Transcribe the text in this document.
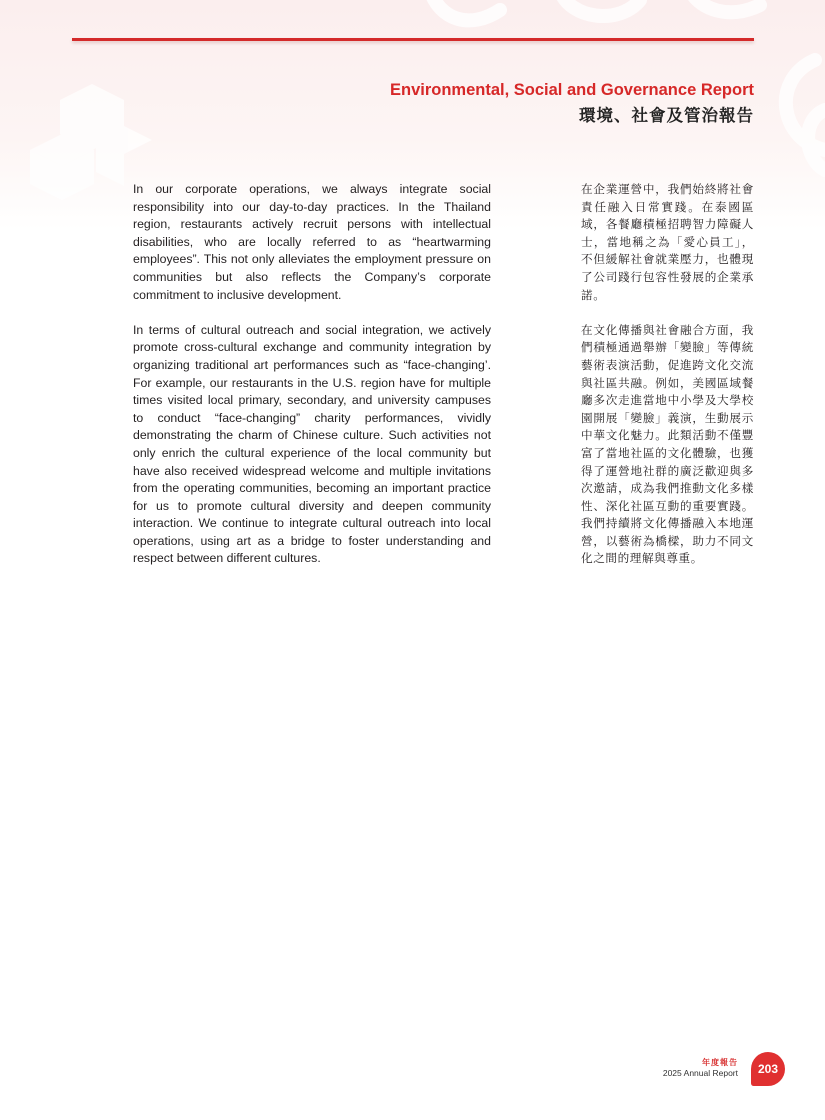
Environmental, Social and Governance Report
環境、社會及管治報告

In our corporate operations, we always integrate social responsibility into our day-to-day practices. In the Thailand region, restaurants actively recruit persons with intellectual disabilities, who are locally referred to as “heartwarming employees”. This not only alleviates the employment pressure on communities but also reflects the Company’s corporate commitment to inclusive development.

In terms of cultural outreach and social integration, we actively promote cross-cultural exchange and community integration by organizing traditional art performances such as “face-changing’. For example, our restaurants in the U.S. region have for multiple times visited local primary, secondary, and university campuses to conduct “face-changing” charity performances, vividly demonstrating the charm of Chinese culture. Such activities not only enrich the cultural experience of the local community but have also received widespread welcome and multiple invitations from the operating communities, becoming an important practice for us to promote cultural diversity and deepen community interaction. We continue to integrate cultural outreach into local operations, using art as a bridge to foster understanding and respect between different cultures.

在企業運營中，我們始終將社會責任融入日常實踐。在泰國區域，各餐廳積極招聘智力障礙人士，當地稱之為「愛心員工」，不但緩解社會就業壓力，也體現了公司踐行包容性發展的企業承諾。

在文化傳播與社會融合方面，我們積極通過舉辦「變臉」等傳統藝術表演活動，促進跨文化交流與社區共融。例如，美國區域餐廳多次走進當地中小學及大學校園開展「變臉」義演，生動展示中華文化魅力。此類活動不僅豐富了當地社區的文化體驗，也獲得了運營地社群的廣泛歡迎與多次邀請，成為我們推動文化多樣性、深化社區互動的重要實踐。我們持續將文化傳播融入本地運營，以藝術為橋樑，助力不同文化之間的理解與尊重。

年度報告
2025 Annual Report	203
